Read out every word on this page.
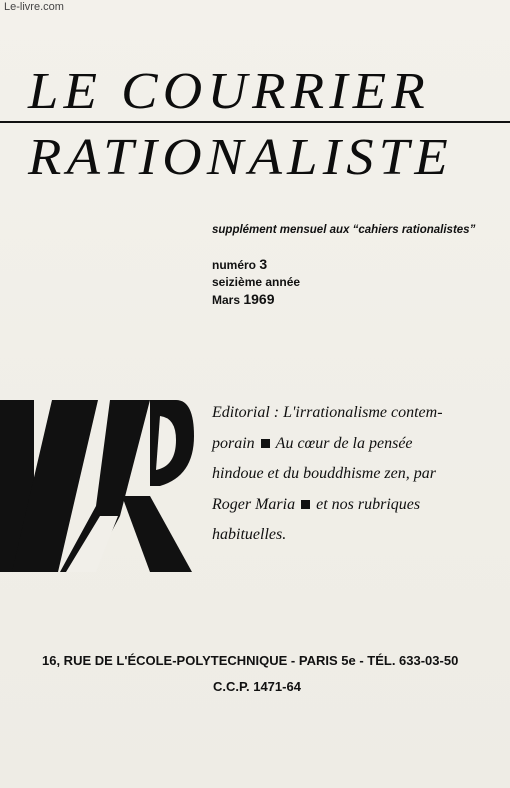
Le-livre.com
LE COURRIER
RATIONALISTE
supplément mensuel aux “cahiers rationalistes”
numéro 3
seizième année
Mars 1969
Editorial : L'irrationalisme contem-
porain Au cœur de la pensée
hindoue et du bouddhisme zen, par
Roger Maria et nos rubriques
habituelles.
16, RUE DE L'ÉCOLE-POLYTECHNIQUE - PARIS 5e - TÉL. 633-03-50
C.C.P. 1471-64
